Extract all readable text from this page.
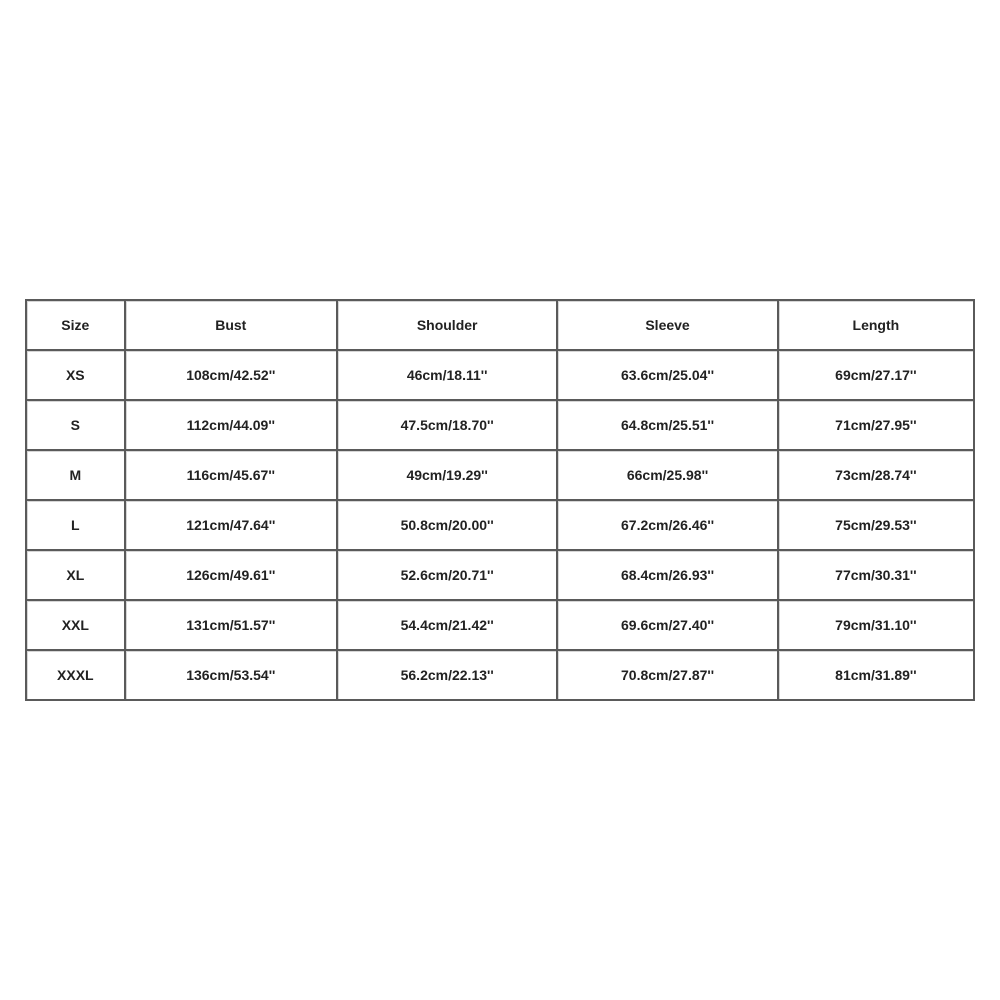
Size	Bust	Shoulder	Sleeve	Length
XS	108cm/42.52''	46cm/18.11''	63.6cm/25.04''	69cm/27.17''
S	112cm/44.09''	47.5cm/18.70''	64.8cm/25.51''	71cm/27.95''
M	116cm/45.67''	49cm/19.29''	66cm/25.98''	73cm/28.74''
L	121cm/47.64''	50.8cm/20.00''	67.2cm/26.46''	75cm/29.53''
XL	126cm/49.61''	52.6cm/20.71''	68.4cm/26.93''	77cm/30.31''
XXL	131cm/51.57''	54.4cm/21.42''	69.6cm/27.40''	79cm/31.10''
XXXL	136cm/53.54''	56.2cm/22.13''	70.8cm/27.87''	81cm/31.89''
